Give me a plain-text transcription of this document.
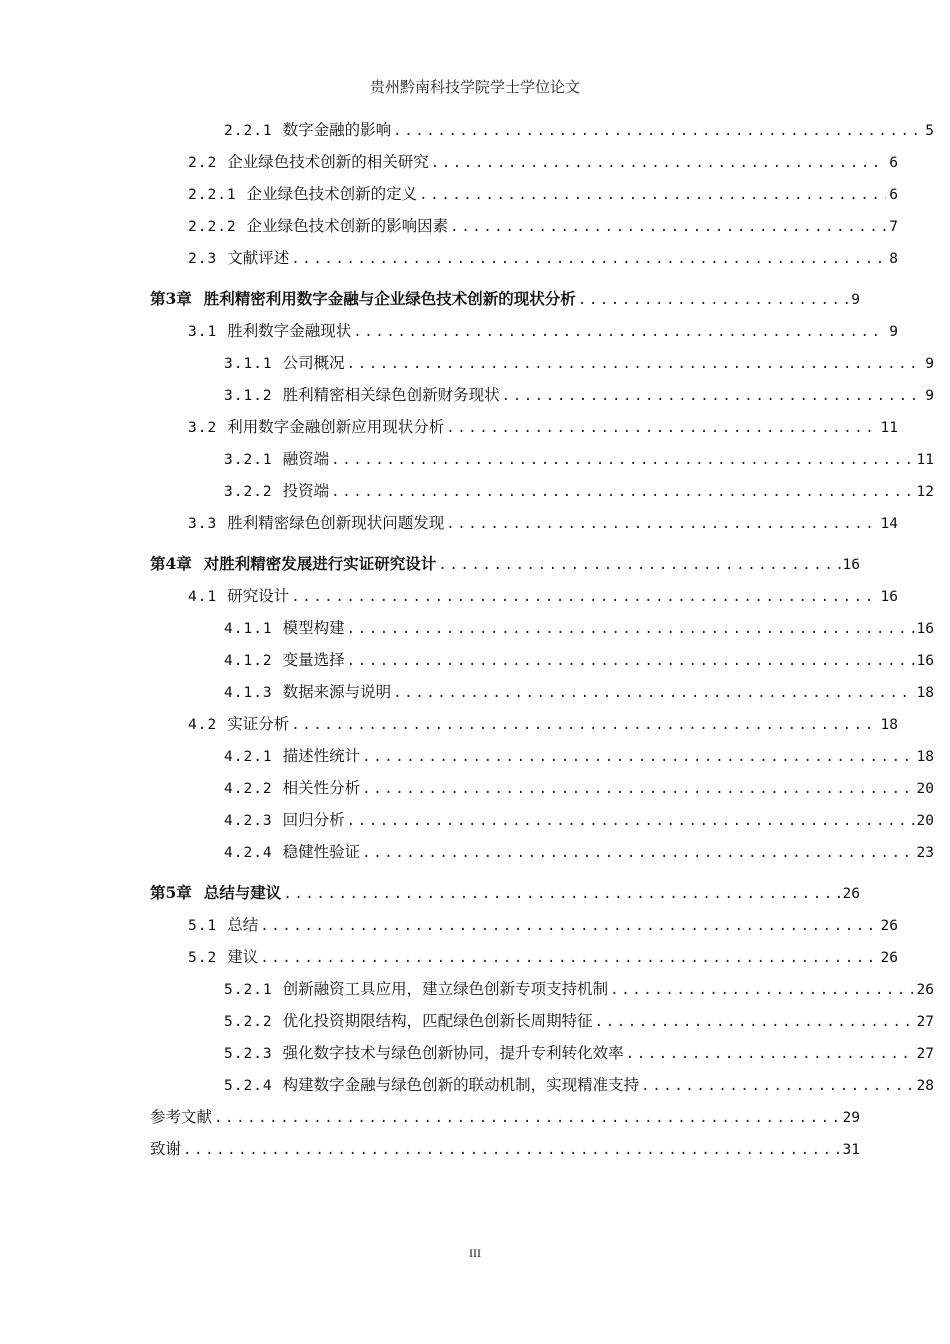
贵州黔南科技学院学士学位论文
2.2.1 数字金融的影响 .....	5
2.2 企业绿色技术创新的相关研究 .....	6
2.2.1 企业绿色技术创新的定义 .....	6
2.2.2 企业绿色技术创新的影响因素 .....	7
2.3 文献评述 .....	8
第3章 胜利精密利用数字金融与企业绿色技术创新的现状分析 .....	9
3.1 胜利数字金融现状 .....	9
3.1.1 公司概况 .....	9
3.1.2 胜利精密相关绿色创新财务现状 .....	9
3.2 利用数字金融创新应用现状分析 .....	11
3.2.1 融资端 .....	11
3.2.2 投资端 .....	12
3.3 胜利精密绿色创新现状问题发现 .....	14
第4章 对胜利精密发展进行实证研究设计 .....	16
4.1 研究设计 .....	16
4.1.1 模型构建 .....	16
4.1.2 变量选择 .....	16
4.1.3 数据来源与说明 .....	18
4.2 实证分析 .....	18
4.2.1 描述性统计 .....	18
4.2.2 相关性分析 .....	20
4.2.3 回归分析 .....	20
4.2.4 稳健性验证 .....	23
第5章 总结与建议 .....	26
5.1 总结 .....	26
5.2 建议 .....	26
5.2.1 创新融资工具应用，建立绿色创新专项支持机制 .....	26
5.2.2 优化投资期限结构，匹配绿色创新长周期特征 .....	27
5.2.3 强化数字技术与绿色创新协同，提升专利转化效率 .....	27
5.2.4 构建数字金融与绿色创新的联动机制，实现精准支持 .....	28
参考文献 .....	29
致谢 .....	31
III
